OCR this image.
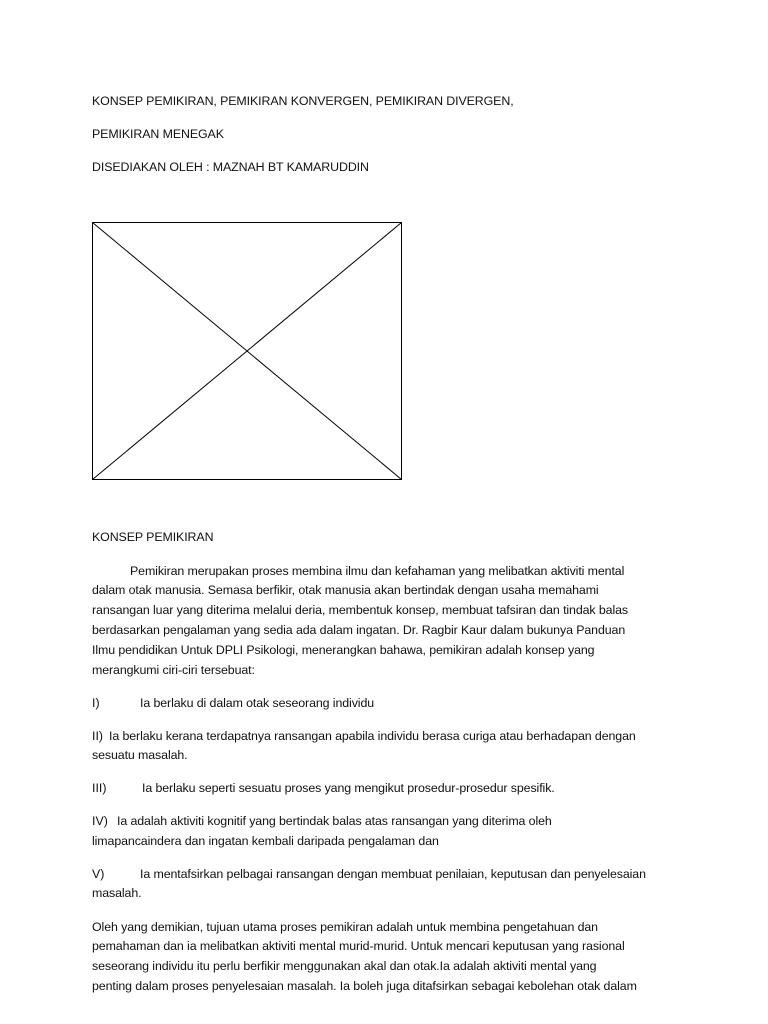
KONSEP PEMIKIRAN, PEMIKIRAN KONVERGEN, PEMIKIRAN DIVERGEN,
PEMIKIRAN MENEGAK
DISEDIAKAN OLEH : MAZNAH BT KAMARUDDIN
KONSEP PEMIKIRAN
Pemikiran merupakan proses membina ilmu dan kefahaman yang melibatkan aktiviti mental
dalam otak manusia. Semasa berfikir, otak manusia akan bertindak dengan usaha memahami
ransangan luar yang diterima melalui deria, membentuk konsep, membuat tafsiran dan tindak balas
berdasarkan pengalaman yang sedia ada dalam ingatan. Dr. Ragbir Kaur dalam bukunya Panduan
Ilmu pendidikan Untuk DPLI Psikologi, menerangkan bahawa, pemikiran adalah konsep yang
merangkumi ciri-ciri tersebuat:
I)	Ia berlaku di dalam otak seseorang individu
II) Ia berlaku kerana terdapatnya ransangan apabila individu berasa curiga atau berhadapan dengan
sesuatu masalah.
III)	Ia berlaku seperti sesuatu proses yang mengikut prosedur-prosedur spesifik.
IV) Ia adalah aktiviti kognitif yang bertindak balas atas ransangan yang diterima oleh
limapancaindera dan ingatan kembali daripada pengalaman dan
V)	Ia mentafsirkan pelbagai ransangan dengan membuat penilaian, keputusan dan penyelesaian
masalah.
Oleh yang demikian, tujuan utama proses pemikiran adalah untuk membina pengetahuan dan
pemahaman dan ia melibatkan aktiviti mental murid-murid. Untuk mencari keputusan yang rasional
seseorang individu itu perlu berfikir menggunakan akal dan otak.Ia adalah aktiviti mental yang
penting dalam proses penyelesaian masalah. Ia boleh juga ditafsirkan sebagai kebolehan otak dalam
